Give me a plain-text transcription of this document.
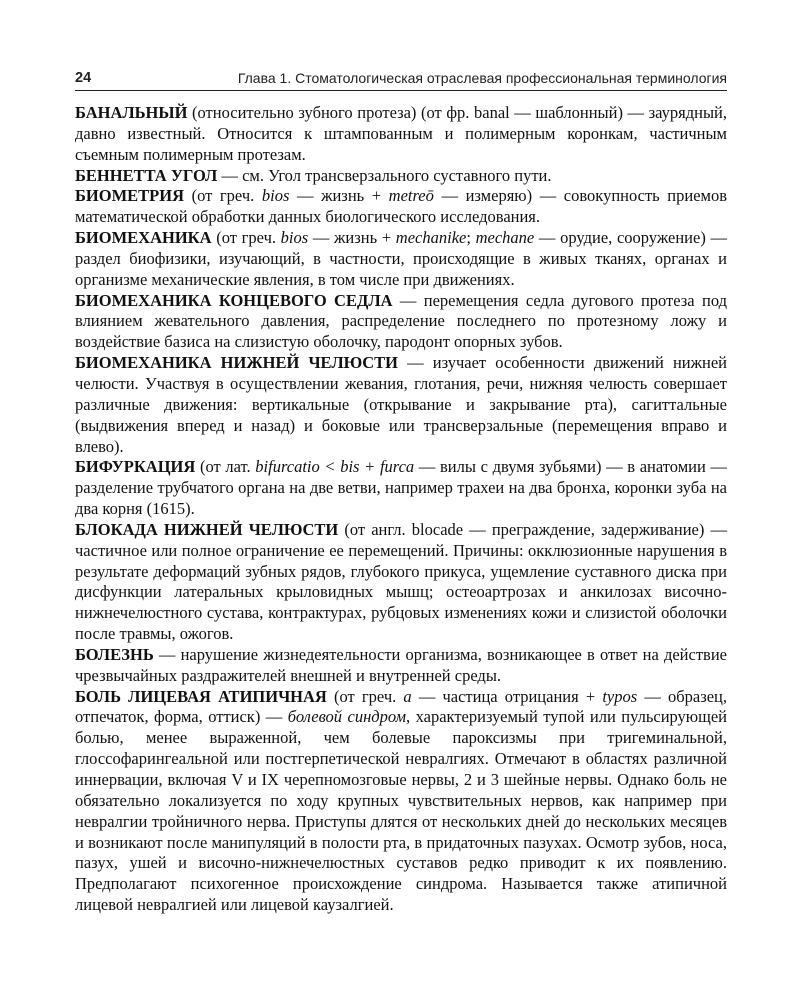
24	Глава 1. Стоматологическая отраслевая профессиональная терминология

БАНАЛЬНЫЙ (относительно зубного протеза) (от фр. banal — шаблонный) — заурядный, давно известный. Относится к штампованным и полимерным коронкам, частичным съемным полимерным протезам.

БЕННЕТТА УГОЛ — см. Угол трансверзального суставного пути.

БИОМЕТРИЯ (от греч. bios — жизнь + metreō — измеряю) — совокупность приемов математической обработки данных биологического исследования.

БИОМЕХАНИКА (от греч. bios — жизнь + mechanike; mechane — орудие, сооружение) — раздел биофизики, изучающий, в частности, происходящие в живых тканях, органах и организме механические явления, в том числе при движениях.

БИОМЕХАНИКА КОНЦЕВОГО СЕДЛА — перемещения седла дугового протеза под влиянием жевательного давления, распределение последнего по протезному ложу и воздействие базиса на слизистую оболочку, пародонт опорных зубов.

БИОМЕХАНИКА НИЖНЕЙ ЧЕЛЮСТИ — изучает особенности движений нижней челюсти. Участвуя в осуществлении жевания, глотания, речи, нижняя челюсть совершает различные движения: вертикальные (открывание и закрывание рта), сагиттальные (выдвижения вперед и назад) и боковые или трансверзальные (перемещения вправо и влево).

БИФУРКАЦИЯ (от лат. bifurcatio < bis + furca — вилы с двумя зубьями) — в анатомии — разделение трубчатого органа на две ветви, например трахеи на два бронха, коронки зуба на два корня (1615).

БЛОКАДА НИЖНЕЙ ЧЕЛЮСТИ (от англ. blocade — преграждение, задерживание) — частичное или полное ограничение ее перемещений. Причины: окклюзионные нарушения в результате деформаций зубных рядов, глубокого прикуса, ущемление суставного диска при дисфункции латеральных крыловидных мышц; остеоартрозах и анкилозах височно-нижнечелюстного сустава, контрактурах, рубцовых изменениях кожи и слизистой оболочки после травмы, ожогов.

БОЛЕЗНЬ — нарушение жизнедеятельности организма, возникающее в ответ на действие чрезвычайных раздражителей внешней и внутренней среды.

БОЛЬ ЛИЦЕВАЯ АТИПИЧНАЯ (от греч. a — частица отрицания + typos — образец, отпечаток, форма, оттиск) — болевой синдром, характеризуемый тупой или пульсирующей болью, менее выраженной, чем болевые пароксизмы при тригеминальной, глоссофарингеальной или постгерпетической невралгиях. Отмечают в областях различной иннервации, включая V и IX черепномозговые нервы, 2 и 3 шейные нервы. Однако боль не обязательно локализуется по ходу крупных чувствительных нервов, как например при невралгии тройничного нерва. Приступы длятся от нескольких дней до нескольких месяцев и возникают после манипуляций в полости рта, в придаточных пазухах. Осмотр зубов, носа, пазух, ушей и височно-нижнечелюстных суставов редко приводит к их появлению. Предполагают психогенное происхождение синдрома. Называется также атипичной лицевой невралгией или лицевой каузалгией.
